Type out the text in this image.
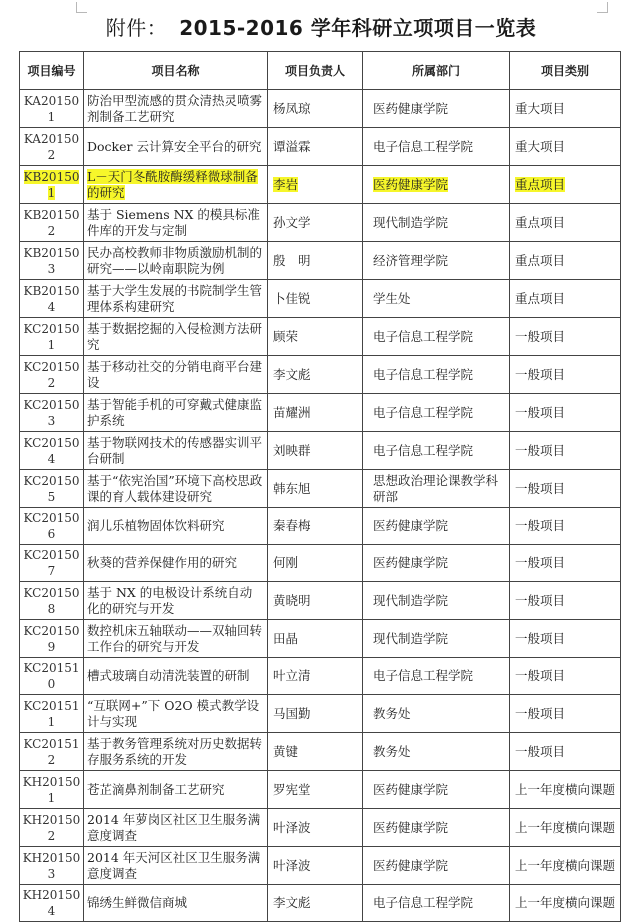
附件： 2015-2016 学年科研立项项目一览表
项目编号	项目名称	项目负责人	所属部门	项目类别
KA201501	防治甲型流感的贯众清热灵喷雾剂制备工艺研究	杨凤琼	医药健康学院	重大项目
KA201502	Docker 云计算安全平台的研究	谭溢霖	电子信息工程学院	重大项目
KB201501	L－天门冬酰胺酶缓释微球制备的研究	李岩	医药健康学院	重点项目
KB201502	基于 Siemens NX 的模具标准件库的开发与定制	孙文学	现代制造学院	重点项目
KB201503	民办高校教师非物质激励机制的研究——以岭南职院为例	殷　明	经济管理学院	重点项目
KB201504	基于大学生发展的书院制学生管理体系构建研究	卜佳锐	学生处	重点项目
KC201501	基于数据挖掘的入侵检测方法研究	顾荣	电子信息工程学院	一般项目
KC201502	基于移动社交的分销电商平台建设	李文彪	电子信息工程学院	一般项目
KC201503	基于智能手机的可穿戴式健康监护系统	苗耀洲	电子信息工程学院	一般项目
KC201504	基于物联网技术的传感器实训平台研制	刘映群	电子信息工程学院	一般项目
KC201505	基于“依宪治国”环境下高校思政课的育人载体建设研究	韩东旭	思想政治理论课教学科研部	一般项目
KC201506	润儿乐植物固体饮料研究	秦春梅	医药健康学院	一般项目
KC201507	秋葵的营养保健作用的研究	何刚	医药健康学院	一般项目
KC201508	基于 NX 的电极设计系统自动化的研究与开发	黄晓明	现代制造学院	一般项目
KC201509	数控机床五轴联动——双轴回转工作台的研究与开发	田晶	现代制造学院	一般项目
KC201510	槽式玻璃自动清洗装置的研制	叶立清	电子信息工程学院	一般项目
KC201511	“互联网+”下 O2O 模式教学设计与实现	马国勤	教务处	一般项目
KC201512	基于教务管理系统对历史数据转存服务系统的开发	黄键	教务处	一般项目
KH201501	苍芷滴鼻剂制备工艺研究	罗宪堂	医药健康学院	上一年度横向课题
KH201502	2014 年萝岗区社区卫生服务满意度调查	叶泽波	医药健康学院	上一年度横向课题
KH201503	2014 年天河区社区卫生服务满意度调查	叶泽波	医药健康学院	上一年度横向课题
KH201504	锦绣生鲜微信商城	李文彪	电子信息工程学院	上一年度横向课题
